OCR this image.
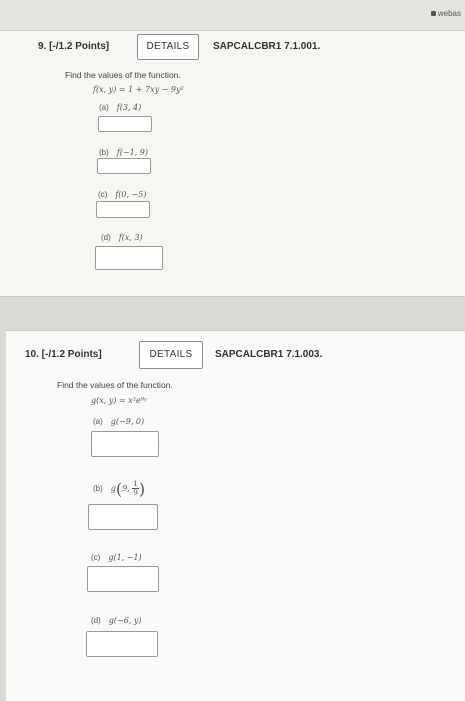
webas
9. [-/1.2 Points]	DETAILS	SAPCALCBR1 7.1.001.
Find the values of the function.
f(x, y) = 1 + 7xy − 9y²
(a) f(3, 4)
(b) f(−1, 9)
(c) f(0, −5)
(d) f(x, 3)
10. [-/1.2 Points]	DETAILS	SAPCALCBR1 7.1.003.
Find the values of the function.
g(x, y) = x²e⁹ʸ
(a) g(−9, 0)
(b) g(9, $\frac{1}{9}$ )
(c) g(1, −1)
(d) g(−6, y)
